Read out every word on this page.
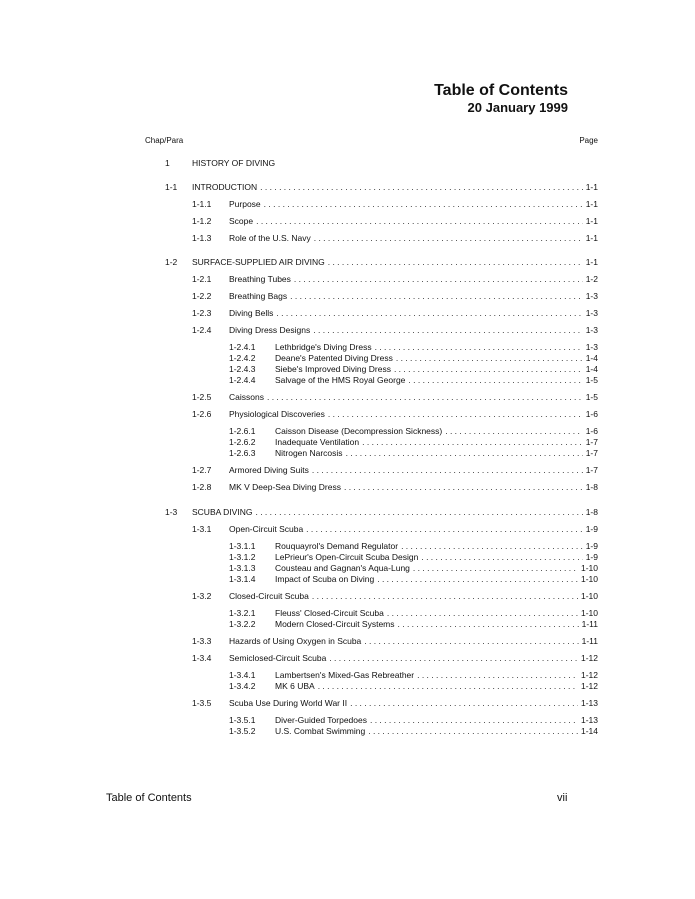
Table of Contents
20 January 1999
Chap/Para	Page
1	HISTORY OF DIVING
1-1 INTRODUCTION . . .	1-1
1-1.1 Purpose . . .	1-1
1-1.2 Scope . . .	1-1
1-1.3 Role of the U.S. Navy . . .	1-1
1-2 SURFACE-SUPPLIED AIR DIVING . . .	1-1
1-2.1 Breathing Tubes . . .	1-2
1-2.2 Breathing Bags . . .	1-3
1-2.3 Diving Bells . . .	1-3
1-2.4 Diving Dress Designs . . .	1-3
1-2.4.1 Lethbridge's Diving Dress . . .	1-3
1-2.4.2 Deane's Patented Diving Dress . . .	1-4
1-2.4.3 Siebe's Improved Diving Dress . . .	1-4
1-2.4.4 Salvage of the HMS Royal George . . .	1-5
1-2.5 Caissons . . .	1-5
1-2.6 Physiological Discoveries . . .	1-6
1-2.6.1 Caisson Disease (Decompression Sickness) . . .	1-6
1-2.6.2 Inadequate Ventilation . . .	1-7
1-2.6.3 Nitrogen Narcosis . . .	1-7
1-2.7 Armored Diving Suits . . .	1-7
1-2.8 MK V Deep-Sea Diving Dress . . .	1-8
1-3 SCUBA DIVING . . .	1-8
1-3.1 Open-Circuit Scuba . . .	1-9
1-3.1.1 Rouquayrol's Demand Regulator . . .	1-9
1-3.1.2 LePrieur's Open-Circuit Scuba Design . . .	1-9
1-3.1.3 Cousteau and Gagnan's Aqua-Lung . . .	1-10
1-3.1.4 Impact of Scuba on Diving . . .	1-10
1-3.2 Closed-Circuit Scuba . . .	1-10
1-3.2.1 Fleuss' Closed-Circuit Scuba . . .	1-10
1-3.2.2 Modern Closed-Circuit Systems . . .	1-11
1-3.3 Hazards of Using Oxygen in Scuba . . .	1-11
1-3.4 Semiclosed-Circuit Scuba . . .	1-12
1-3.4.1 Lambertsen's Mixed-Gas Rebreather . . .	1-12
1-3.4.2 MK 6 UBA . . .	1-12
1-3.5 Scuba Use During World War II . . .	1-13
1-3.5.1 Diver-Guided Torpedoes . . .	1-13
1-3.5.2 U.S. Combat Swimming . . .	1-14
Table of Contents	vii
